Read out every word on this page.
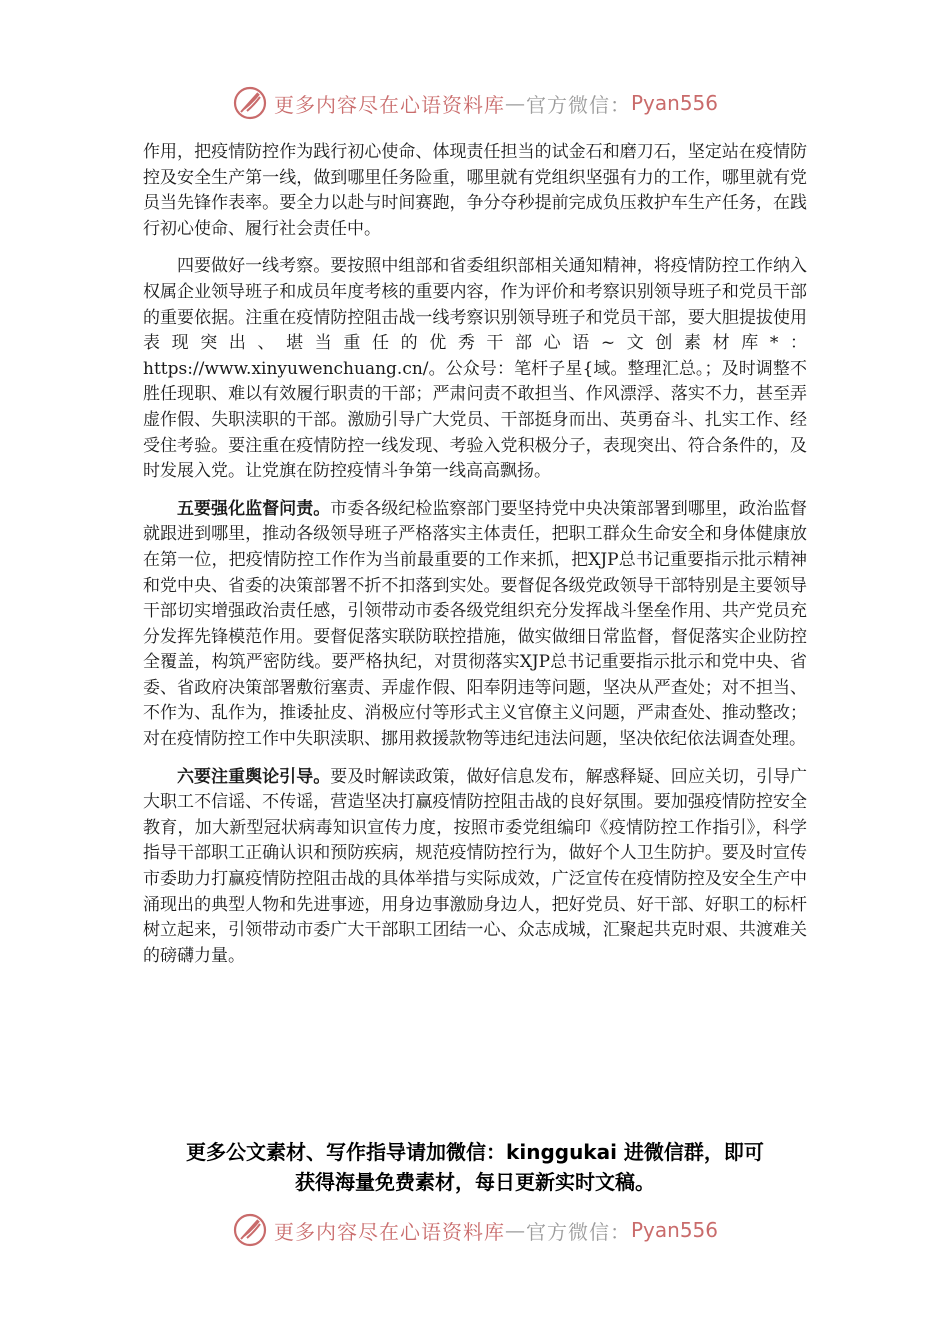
更多内容尽在心语资料库 — 官方微信： Pyan556

作用，把疫情防控作为践行初心使命、体现责任担当的试金石和磨刀石，坚定站在疫情防控及安全生产第一线，做到哪里任务险重，哪里就有党组织坚强有力的工作，哪里就有党员当先锋作表率。要全力以赴与时间赛跑，争分夺秒提前完成负压救护车生产任务，在践行初心使命、履行社会责任中。

四要做好一线考察。要按照中组部和省委组织部相关通知精神，将疫情防控工作纳入权属企业领导班子和成员年度考核的重要内容，作为评价和考察识别领导班子和党员干部的重要依据。注重在疫情防控阻击战一线考察识别领导班子和党员干部，要大胆提拔使用表现突出、堪当重任的优秀干部心语~文创素材库*：https://www.xinyuwenchuang.cn/。公众号：笔杆子星{域。整理汇总。；及时调整不胜任现职、难以有效履行职责的干部；严肃问责不敢担当、作风漂浮、落实不力，甚至弄虚作假、失职渎职的干部。激励引导广大党员、干部挺身而出、英勇奋斗、扎实工作、经受住考验。要注重在疫情防控一线发现、考验入党积极分子，表现突出、符合条件的，及时发展入党。让党旗在防控疫情斗争第一线高高飘扬。

五要强化监督问责。市委各级纪检监察部门要坚持党中央决策部署到哪里，政治监督就跟进到哪里，推动各级领导班子严格落实主体责任，把职工群众生命安全和身体健康放在第一位，把疫情防控工作作为当前最重要的工作来抓，把XJP总书记重要指示批示精神和党中央、省委的决策部署不折不扣落到实处。要督促各级党政领导干部特别是主要领导干部切实增强政治责任感，引领带动市委各级党组织充分发挥战斗堡垒作用、共产党员充分发挥先锋模范作用。要督促落实联防联控措施，做实做细日常监督，督促落实企业防控全覆盖，构筑严密防线。要严格执纪，对贯彻落实XJP总书记重要指示批示和党中央、省委、省政府决策部署敷衍塞责、弄虚作假、阳奉阴违等问题，坚决从严查处；对不担当、不作为、乱作为，推诿扯皮、消极应付等形式主义官僚主义问题，严肃查处、推动整改；对在疫情防控工作中失职渎职、挪用救援款物等违纪违法问题，坚决依纪依法调查处理。

六要注重舆论引导。要及时解读政策，做好信息发布，解惑释疑、回应关切，引导广大职工不信谣、不传谣，营造坚决打赢疫情防控阻击战的良好氛围。要加强疫情防控安全教育，加大新型冠状病毒知识宣传力度，按照市委党组编印《疫情防控工作指引》，科学指导干部职工正确认识和预防疾病，规范疫情防控行为，做好个人卫生防护。要及时宣传市委助力打赢疫情防控阻击战的具体举措与实际成效，广泛宣传在疫情防控及安全生产中涌现出的典型人物和先进事迹，用身边事激励身边人，把好党员、好干部、好职工的标杆树立起来，引领带动市委广大干部职工团结一心、众志成城，汇聚起共克时艰、共渡难关的磅礴力量。

更多公文素材、写作指导请加微信：kinggukai 进微信群，即可
获得海量免费素材，每日更新实时文稿。
更多内容尽在心语资料库 — 官方微信： Pyan556
